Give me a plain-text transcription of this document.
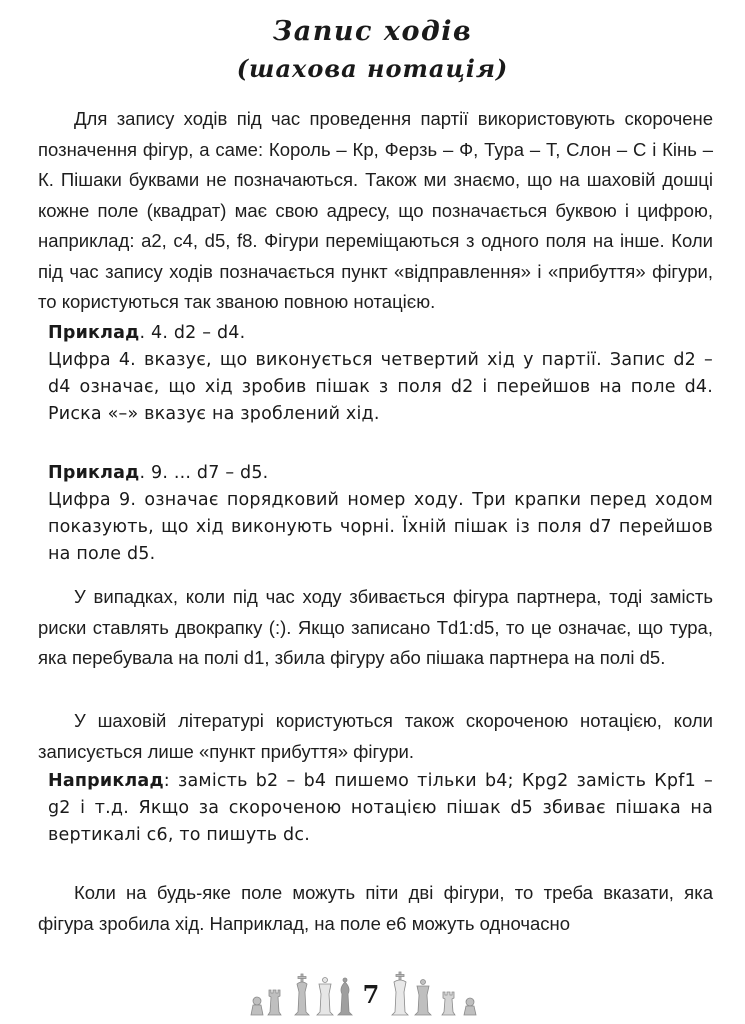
Запис ходів
(шахова нотація)

Для запису ходів під час проведення партії використовують скорочене позначення фігур, а саме: Король – Кр, Ферзь – Ф, Тура – Т, Слон – С і Кінь – К. Пішаки буквами не позначаються. Також ми знаємо, що на шаховій дошці кожне поле (квадрат) має свою адресу, що позначається буквою і цифрою, наприклад: а2, с4, d5, f8. Фігури переміщаються з одного поля на інше. Коли під час запису ходів позначається пункт «відправлення» і «прибуття» фігури, то користуються так званою повною нотацією.

Приклад. 4. d2 – d4.
Цифра 4. вказує, що виконується четвертий хід у партії. Запис d2 – d4 означає, що хід зробив пішак з поля d2 і перейшов на поле d4. Риска «–» вказує на зроблений хід.
Приклад. 9. ... d7 – d5.
Цифра 9. означає порядковий номер ходу. Три крапки перед ходом показують, що хід виконують чорні. Їхній пішак із поля d7 перейшов на поле d5.

У випадках, коли під час ходу збивається фігура партнера, тоді замість риски ставлять двокрапку (:). Якщо записано Td1:d5, то це означає, що тура, яка перебувала на полі d1, збила фігуру або пішака партнера на полі d5.

У шаховій літературі користуються також скороченою нотацією, коли записується лише «пункт прибуття» фігури.

Наприклад: замість b2 – b4 пишемо тільки b4; Крg2 замість Крf1 – g2 і т.д. Якщо за скороченою нотацією пішак d5 збиває пішака на вертикалі с6, то пишуть dc.

Коли на будь-яке поле можуть піти дві фігури, то треба вказати, яка фігура зробила хід. Наприклад, на поле е6 можуть одночасно

7
